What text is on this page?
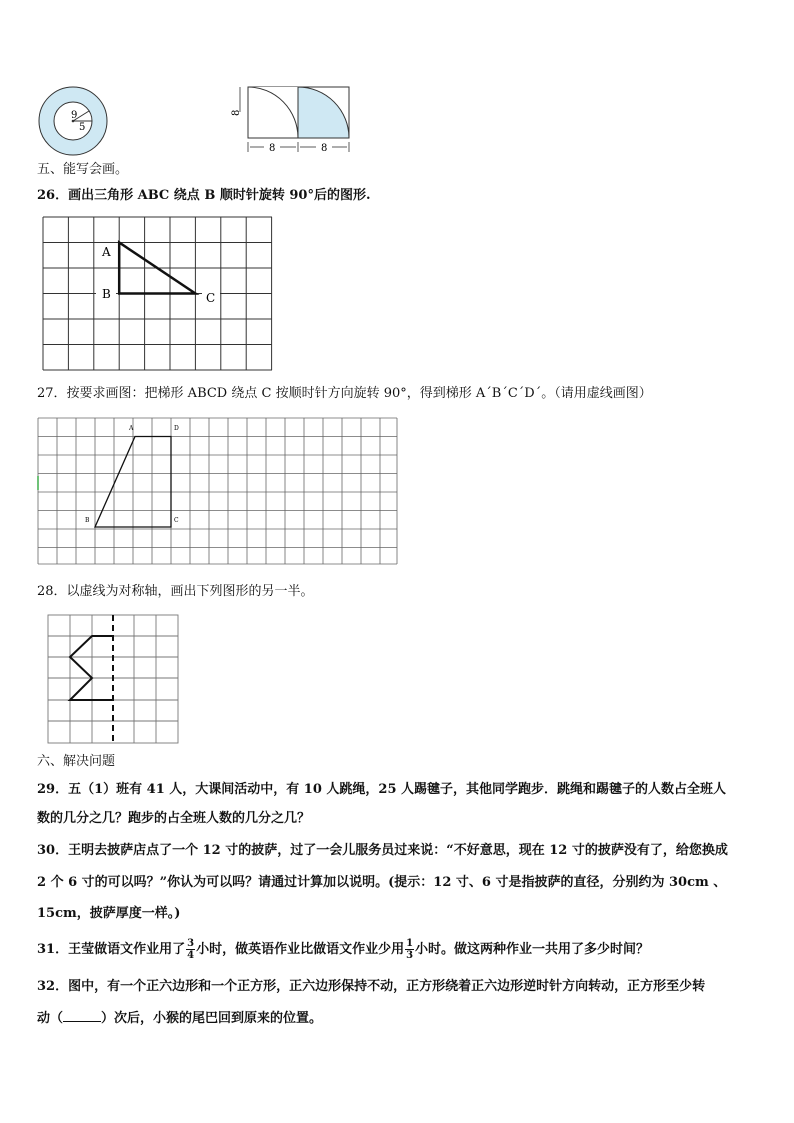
9
5
8
8	8
五、能写会画。
26．画出三角形 ABC 绕点 B 顺时针旋转 90°后的图形.
A
B	C
27．按要求画图：把梯形 ABCD 绕点 C 按顺时针方向旋转 90°，得到梯形 A´B´C´D´。（请用虚线画图）
A	D
B	C
28．以虚线为对称轴，画出下列图形的另一半。
六、解决问题
29．五（1）班有 41 人，大课间活动中，有 10 人跳绳，25 人踢毽子，其他同学跑步．跳绳和踢毽子的人数占全班人
数的几分之几？跑步的占全班人数的几分之几？
30．王明去披萨店点了一个 12 寸的披萨，过了一会儿服务员过来说：“不好意思，现在 12 寸的披萨没有了，给您换成
2 个 6 寸的可以吗？”你认为可以吗？请通过计算加以说明。(提示：12 寸、6 寸是指披萨的直径，分别约为 30cm 、
15cm，披萨厚度一样。)
31．王莹做语文作业用了 $\frac{3}{4}$ 小时，做英语作业比做语文作业少用 $\frac{1}{3}$ 小时。做这两种作业一共用了多少时间？
32．图中，有一个正六边形和一个正方形，正六边形保持不动，正方形绕着正六边形逆时针方向转动，正方形至少转
动（	）次后，小猴的尾巴回到原来的位置。
